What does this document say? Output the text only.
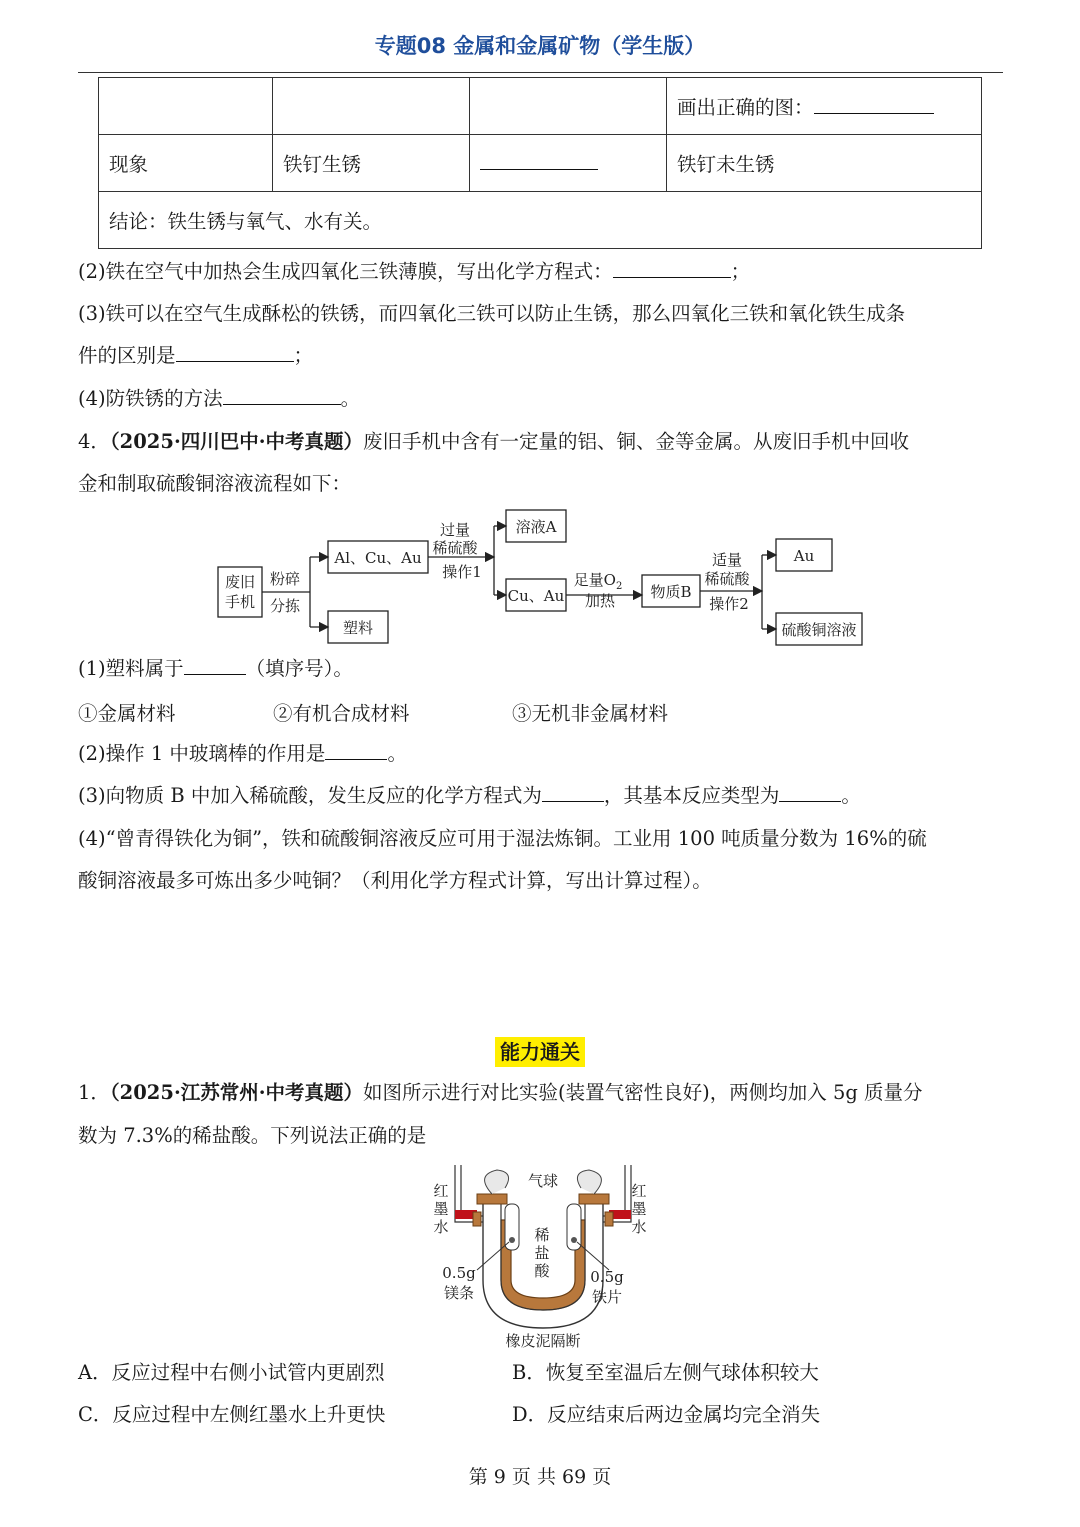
专题08 金属和金属矿物（学生版）
			画出正确的图：
现象	铁钉生锈		铁钉未生锈
结论：铁生锈与氧气、水有关。			
(2)铁在空气中加热会生成四氧化三铁薄膜，写出化学方程式：	；
(3)铁可以在空气生成酥松的铁锈，而四氧化三铁可以防止生锈，那么四氧化三铁和氧化铁生成条
件的区别是	；
(4)防铁锈的方法	。
4．（2025·四川巴中·中考真题）废旧手机中含有一定量的铝、铜、金等金属。从废旧手机中回收
金和制取硫酸铜溶液流程如下：
废旧
手机
粉碎
分拣
Al、Cu、Au
塑料
过量
稀硫酸
操作1
溶液A
Cu、Au
足量$O_2$
加热 物质B
适量
稀硫酸
操作2
Au
硫酸铜溶液
(1)塑料属于	（填序号）。
①金属材料	②有机合成材料	③无机非金属材料
(2)操作 1 中玻璃棒的作用是	。
(3)向物质 B 中加入稀硫酸，发生反应的化学方程式为	，其基本反应类型为	。
(4)“曾青得铁化为铜”，铁和硫酸铜溶液反应可用于湿法炼铜。工业用 100 吨质量分数为 16%的硫
酸铜溶液最多可炼出多少吨铜？（利用化学方程式计算，写出计算过程）。
能力通关
1．（2025·江苏常州·中考真题）如图所示进行对比实验(装置气密性良好)，两侧均加入 5g 质量分
数为 7.3%的稀盐酸。下列说法正确的是
气球
红
墨
水
红
墨
水
稀
盐
酸
0.5g
镁条
0.5g
铁片
橡皮泥隔断
A．反应过程中右侧小试管内更剧烈	B．恢复至室温后左侧气球体积较大
C．反应过程中左侧红墨水上升更快	D．反应结束后两边金属均完全消失
第 9 页 共 69 页
